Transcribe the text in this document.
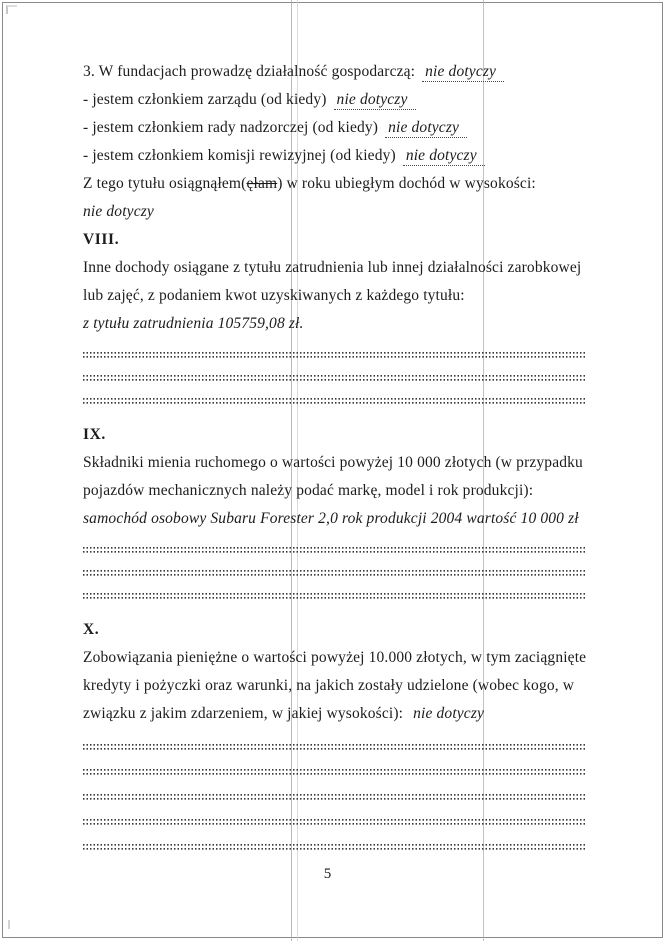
3. W fundacjach prowadzę działalność gospodarczą: nie dotyczy
- jestem członkiem zarządu (od kiedy) nie dotyczy
- jestem członkiem rady nadzorczej (od kiedy) nie dotyczy
- jestem członkiem komisji rewizyjnej (od kiedy) nie dotyczy
Z tego tytułu osiągnąłem(ęłam) w roku ubiegłym dochód w wysokości:
nie dotyczy
VIII.
Inne dochody osiągane z tytułu zatrudnienia lub innej działalności zarobkowej
lub zajęć, z podaniem kwot uzyskiwanych z każdego tytułu:
z tytułu zatrudnienia 105759,08 zł.
IX.
Składniki mienia ruchomego o wartości powyżej 10 000 złotych (w przypadku
pojazdów mechanicznych należy podać markę, model i rok produkcji):
samochód osobowy Subaru Forester 2,0 rok produkcji 2004 wartość 10 000 zł
X.
Zobowiązania pieniężne o wartości powyżej 10.000 złotych, w tym zaciągnięte
kredyty i pożyczki oraz warunki, na jakich zostały udzielone (wobec kogo, w
związku z jakim zdarzeniem, w jakiej wysokości): nie dotyczy
5
